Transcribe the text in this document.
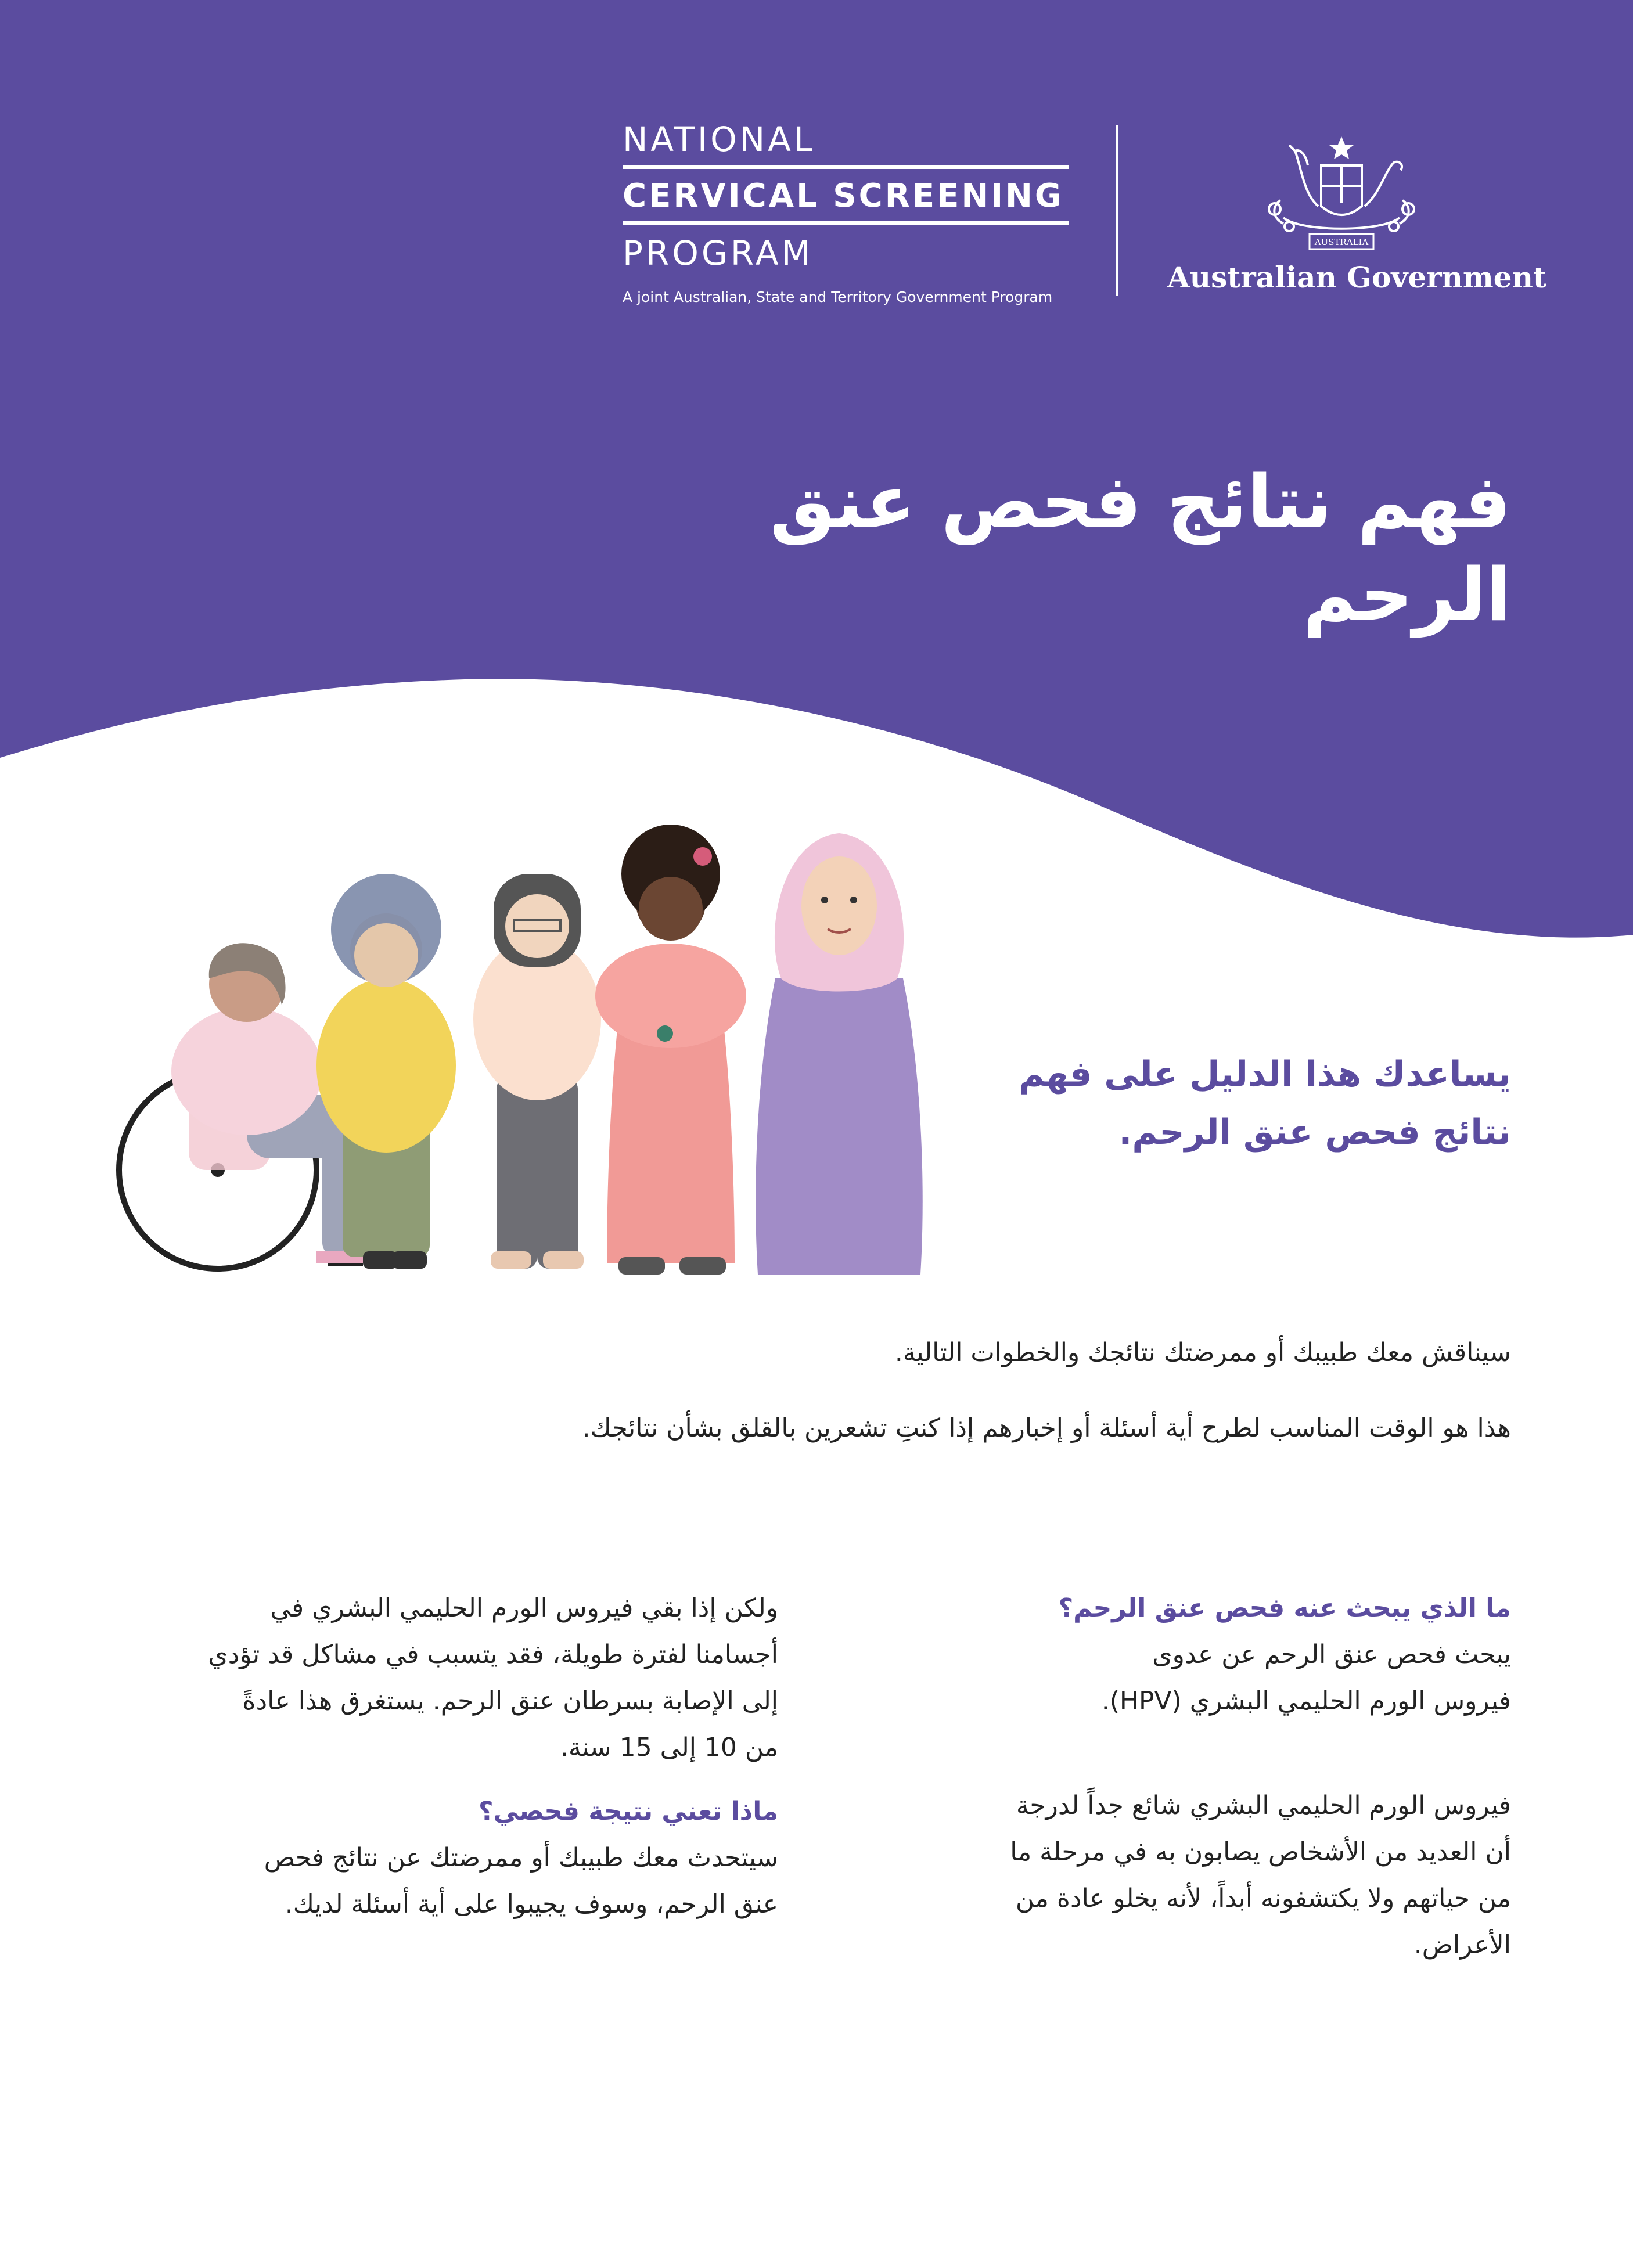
NATIONAL
CERVICAL SCREENING
PROGRAM
A joint Australian, State and Territory Government Program
AUSTRALIA
Australian Government
فهم نتائج فحص عنق الرحم
يساعدك هذا الدليل على فهم
نتائج فحص عنق الرحم.

سيناقش معك طبيبك أو ممرضتك نتائجك والخطوات التالية.

هذا هو الوقت المناسب لطرح أية أسئلة أو إخبارهم إذا كنتِ تشعرين بالقلق بشأن نتائجك.

ما الذي يبحث عنه فحص عنق الرحم؟

يبحث فحص عنق الرحم عن عدوى
فيروس الورم الحليمي البشري (HPV).

فيروس الورم الحليمي البشري شائع جداً لدرجة
أن العديد من الأشخاص يصابون به في مرحلة ما
من حياتهم ولا يكتشفونه أبداً، لأنه يخلو عادة من
الأعراض.

ولكن إذا بقي فيروس الورم الحليمي البشري في
أجسامنا لفترة طويلة، فقد يتسبب في مشاكل قد تؤدي
إلى الإصابة بسرطان عنق الرحم. يستغرق هذا عادةً
من 10 إلى 15 سنة.

ماذا تعني نتيجة فحصي؟

سيتحدث معك طبيبك أو ممرضتك عن نتائج فحص
عنق الرحم، وسوف يجيبوا على أية أسئلة لديك.
